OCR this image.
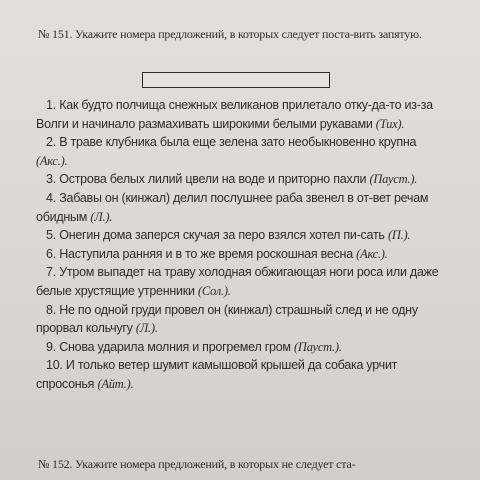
№ 151. Укажите номера предложений, в которых следует поста-вить запятую.

1. Как будто полчища снежных великанов прилетало отку-да-то из-за Волги и начинало размахивать широкими белыми рукавами (Тих).

2. В траве клубника была еще зелена зато необыкновенно крупна (Акс.).

3. Острова белых лилий цвели на воде и приторно пахли (Пауст.).

4. Забавы он (кинжал) делил послушнее раба звенел в от-вет речам обидным (Л.).

5. Онегин дома заперся скучая за перо взялся хотел пи-сать (П.).

6. Наступила ранняя и в то же время роскошная весна (Акс.).

7. Утром выпадет на траву холодная обжигающая ноги роса или даже белые хрустящие утренники (Сол.).

8. Не по одной груди провел он (кинжал) страшный след и не одну прорвал кольчугу (Л.).

9. Снова ударила молния и прогремел гром (Пауст.).

10. И только ветер шумит камышовой крышей да собака урчит спросонья (Айт.).

№ 152. Укажите номера предложений, в которых не следует ста-
